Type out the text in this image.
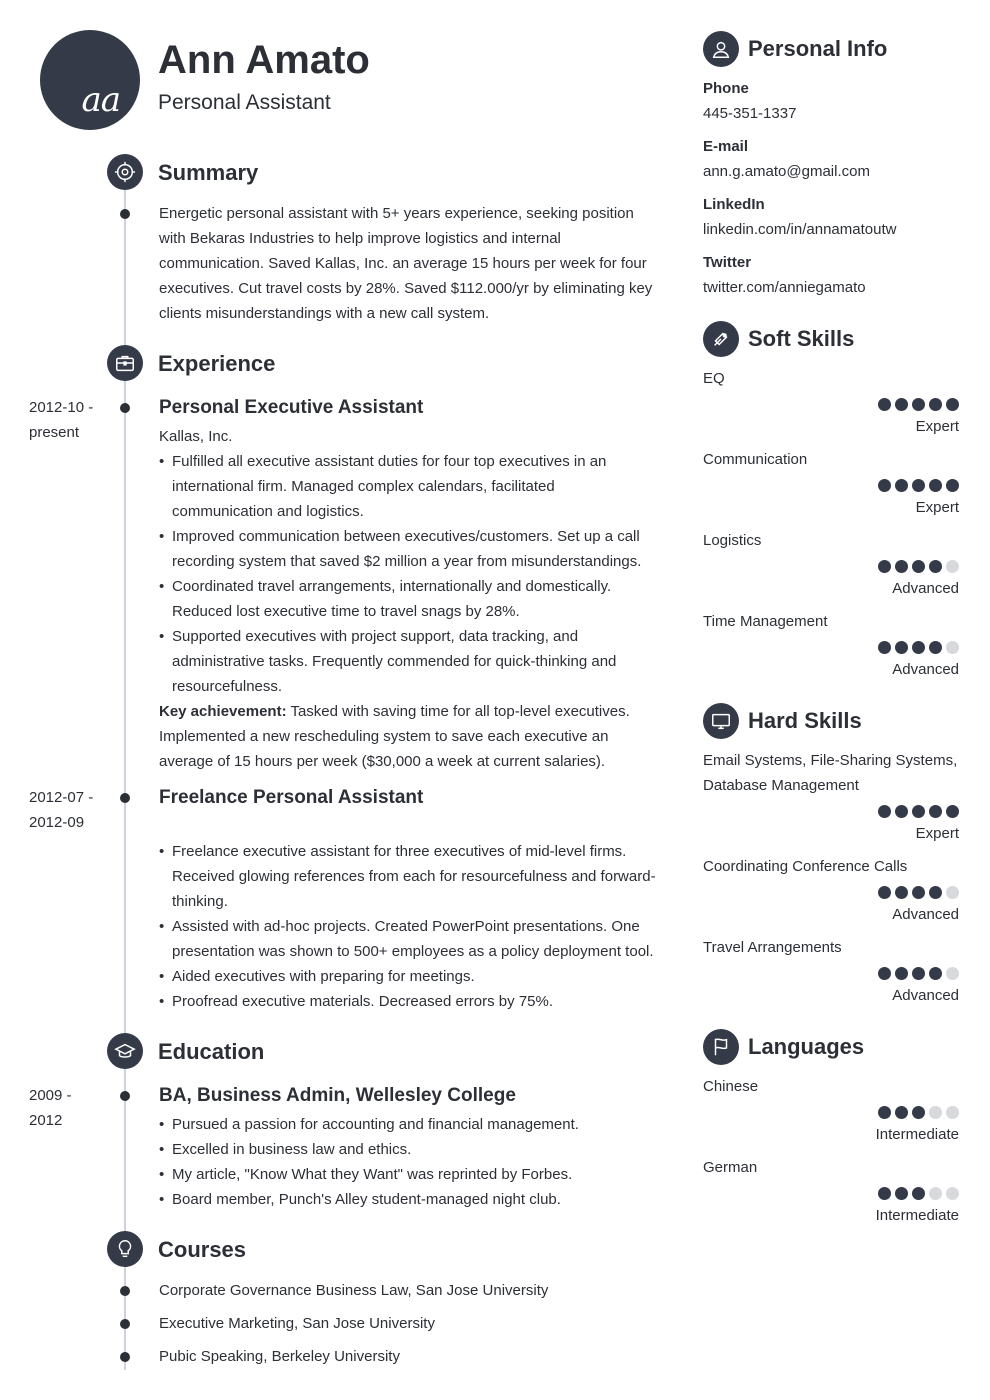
aa
Ann Amato
Personal Assistant
Summary
Energetic personal assistant with 5+ years experience, seeking position with Bekaras Industries to help improve logistics and internal communication. Saved Kallas, Inc. an average 15 hours per week for four executives. Cut travel costs by 28%. Saved $112.000/yr by eliminating key clients misunderstandings with a new call system.
Experience
2012-10 -
present
Personal Executive Assistant
Kallas, Inc.
• Fulfilled all executive assistant duties for four top executives in an international firm. Managed complex calendars, facilitated communication and logistics.
• Improved communication between executives/customers. Set up a call recording system that saved $2 million a year from misunderstandings.
• Coordinated travel arrangements, internationally and domestically. Reduced lost executive time to travel snags by 28%.
• Supported executives with project support, data tracking, and administrative tasks. Frequently commended for quick-thinking and resourcefulness.
Key achievement: Tasked with saving time for all top-level executives. Implemented a new rescheduling system to save each executive an average of 15 hours per week ($30,000 a week at current salaries).
2012-07 -
2012-09
Freelance Personal Assistant
• Freelance executive assistant for three executives of mid-level firms. Received glowing references from each for resourcefulness and forward-thinking.
• Assisted with ad-hoc projects. Created PowerPoint presentations. One presentation was shown to 500+ employees as a policy deployment tool.
• Aided executives with preparing for meetings.
• Proofread executive materials. Decreased errors by 75%.
Education
2009 -
2012
BA, Business Admin, Wellesley College
• Pursued a passion for accounting and financial management.
• Excelled in business law and ethics.
• My article, "Know What they Want" was reprinted by Forbes.
• Board member, Punch's Alley student-managed night club.
Courses
Corporate Governance Business Law, San Jose University
Executive Marketing, San Jose University
Pubic Speaking, Berkeley University
Personal Info
Phone
445-351-1337
E-mail
ann.g.amato@gmail.com
LinkedIn
linkedin.com/in/annamatoutw
Twitter
twitter.com/anniegamato
Soft Skills
EQ
Expert
Communication
Expert
Logistics
Advanced
Time Management
Advanced
Hard Skills
Email Systems, File-Sharing Systems, Database Management
Expert
Coordinating Conference Calls
Advanced
Travel Arrangements
Advanced
Languages
Chinese
Intermediate
German
Intermediate
